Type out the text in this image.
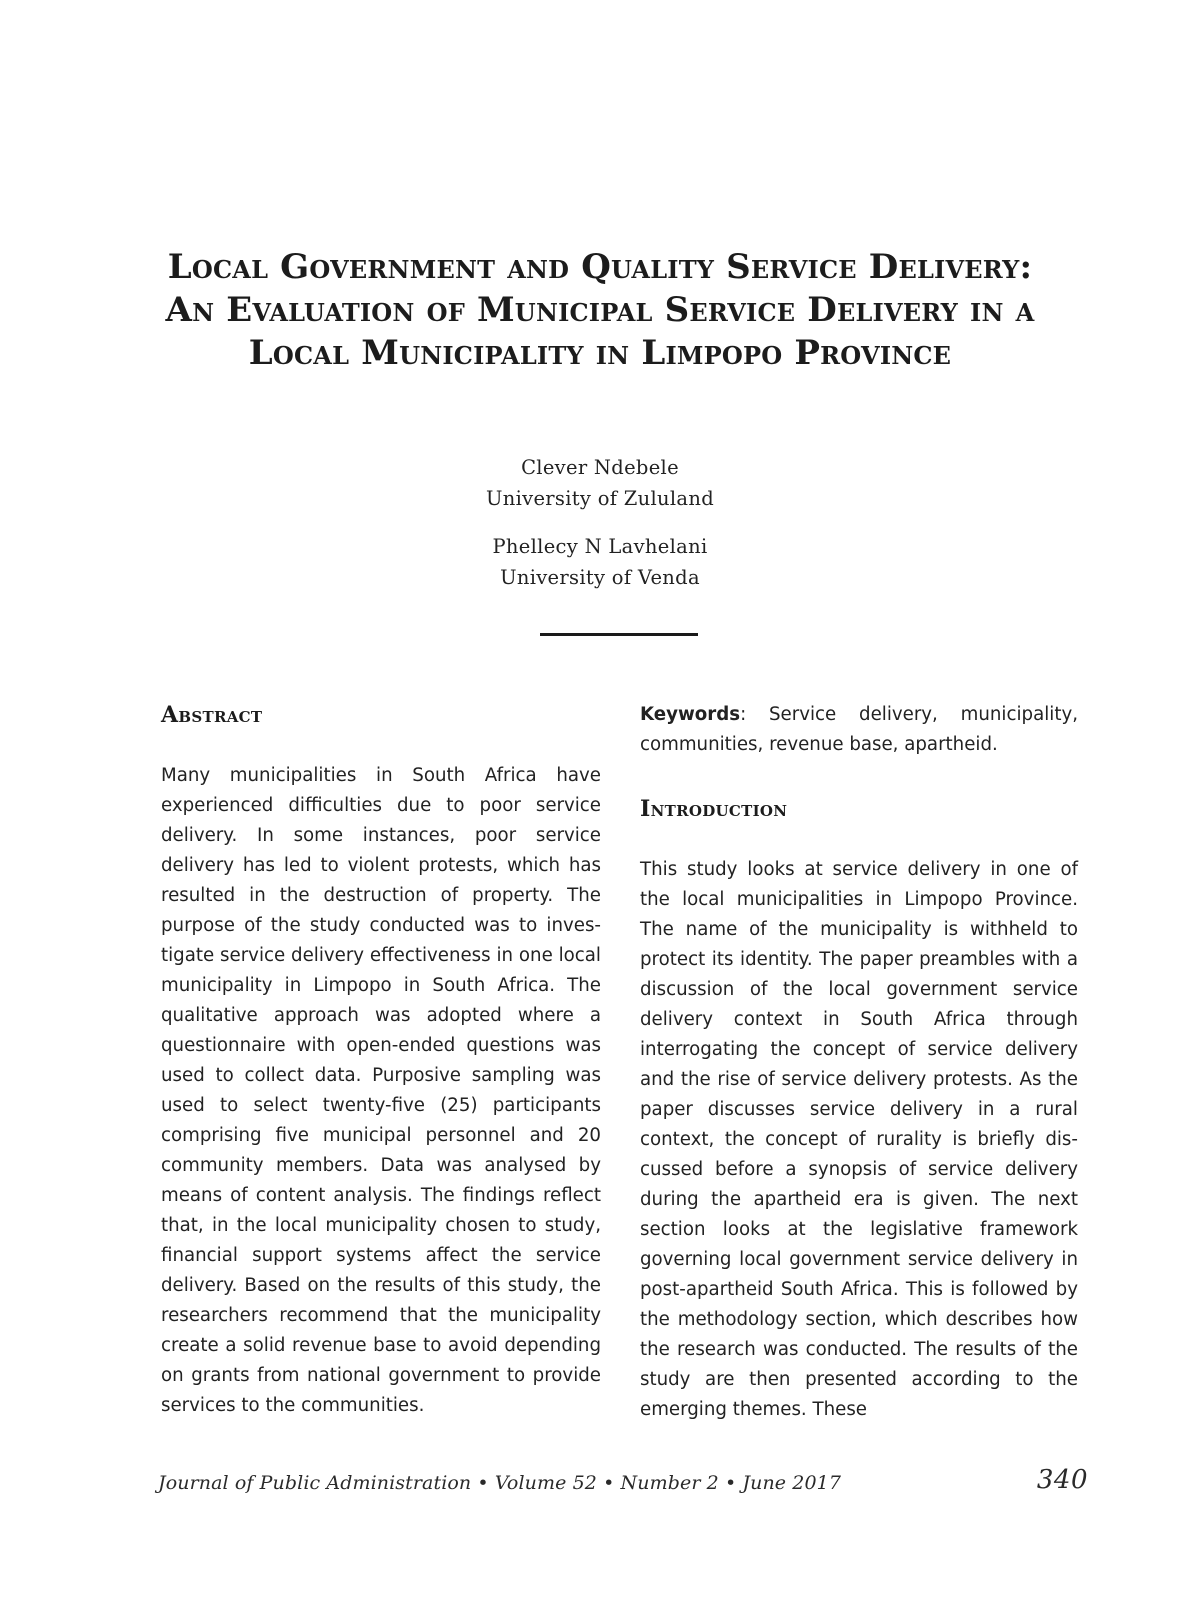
Local Government and Quality Service Delivery: An Evaluation of Municipal Service Delivery in a Local Municipality in Limpopo Province

Clever Ndebele
University of Zululand

Phellecy N Lavhelani
University of Venda

Abstract

Many municipalities in South Africa have experienced difficulties due to poor service delivery. In some instances, poor service delivery has led to violent protests, which has resulted in the destruction of property. The purpose of the study conducted was to investigate service delivery effectiveness in one local municipality in Limpopo in South Africa. The qualitative approach was adopted where a questionnaire with open-ended questions was used to collect data. Purposive sampling was used to select twenty-five (25) participants comprising five municipal personnel and 20 community members. Data was analysed by means of content analysis. The findings reflect that, in the local municipality chosen to study, financial support systems affect the service delivery. Based on the results of this study, the researchers recommend that the municipality create a solid revenue base to avoid depending on grants from national government to provide services to the communities.

Keywords: Service delivery, municipality, communities, revenue base, apartheid.

Introduction

This study looks at service delivery in one of the local municipalities in Limpopo Province. The name of the municipality is withheld to protect its identity. The paper preambles with a discussion of the local government service delivery context in South Africa through interrogating the concept of service delivery and the rise of service delivery protests. As the paper discusses service delivery in a rural context, the concept of rurality is briefly discussed before a synopsis of service delivery during the apartheid era is given. The next section looks at the legislative framework governing local government service delivery in post-apartheid South Africa. This is followed by the methodology section, which describes how the research was conducted. The results of the study are then presented according to the emerging themes. These

Journal of Public Administration • Volume 52 • Number 2 • June 2017	340
